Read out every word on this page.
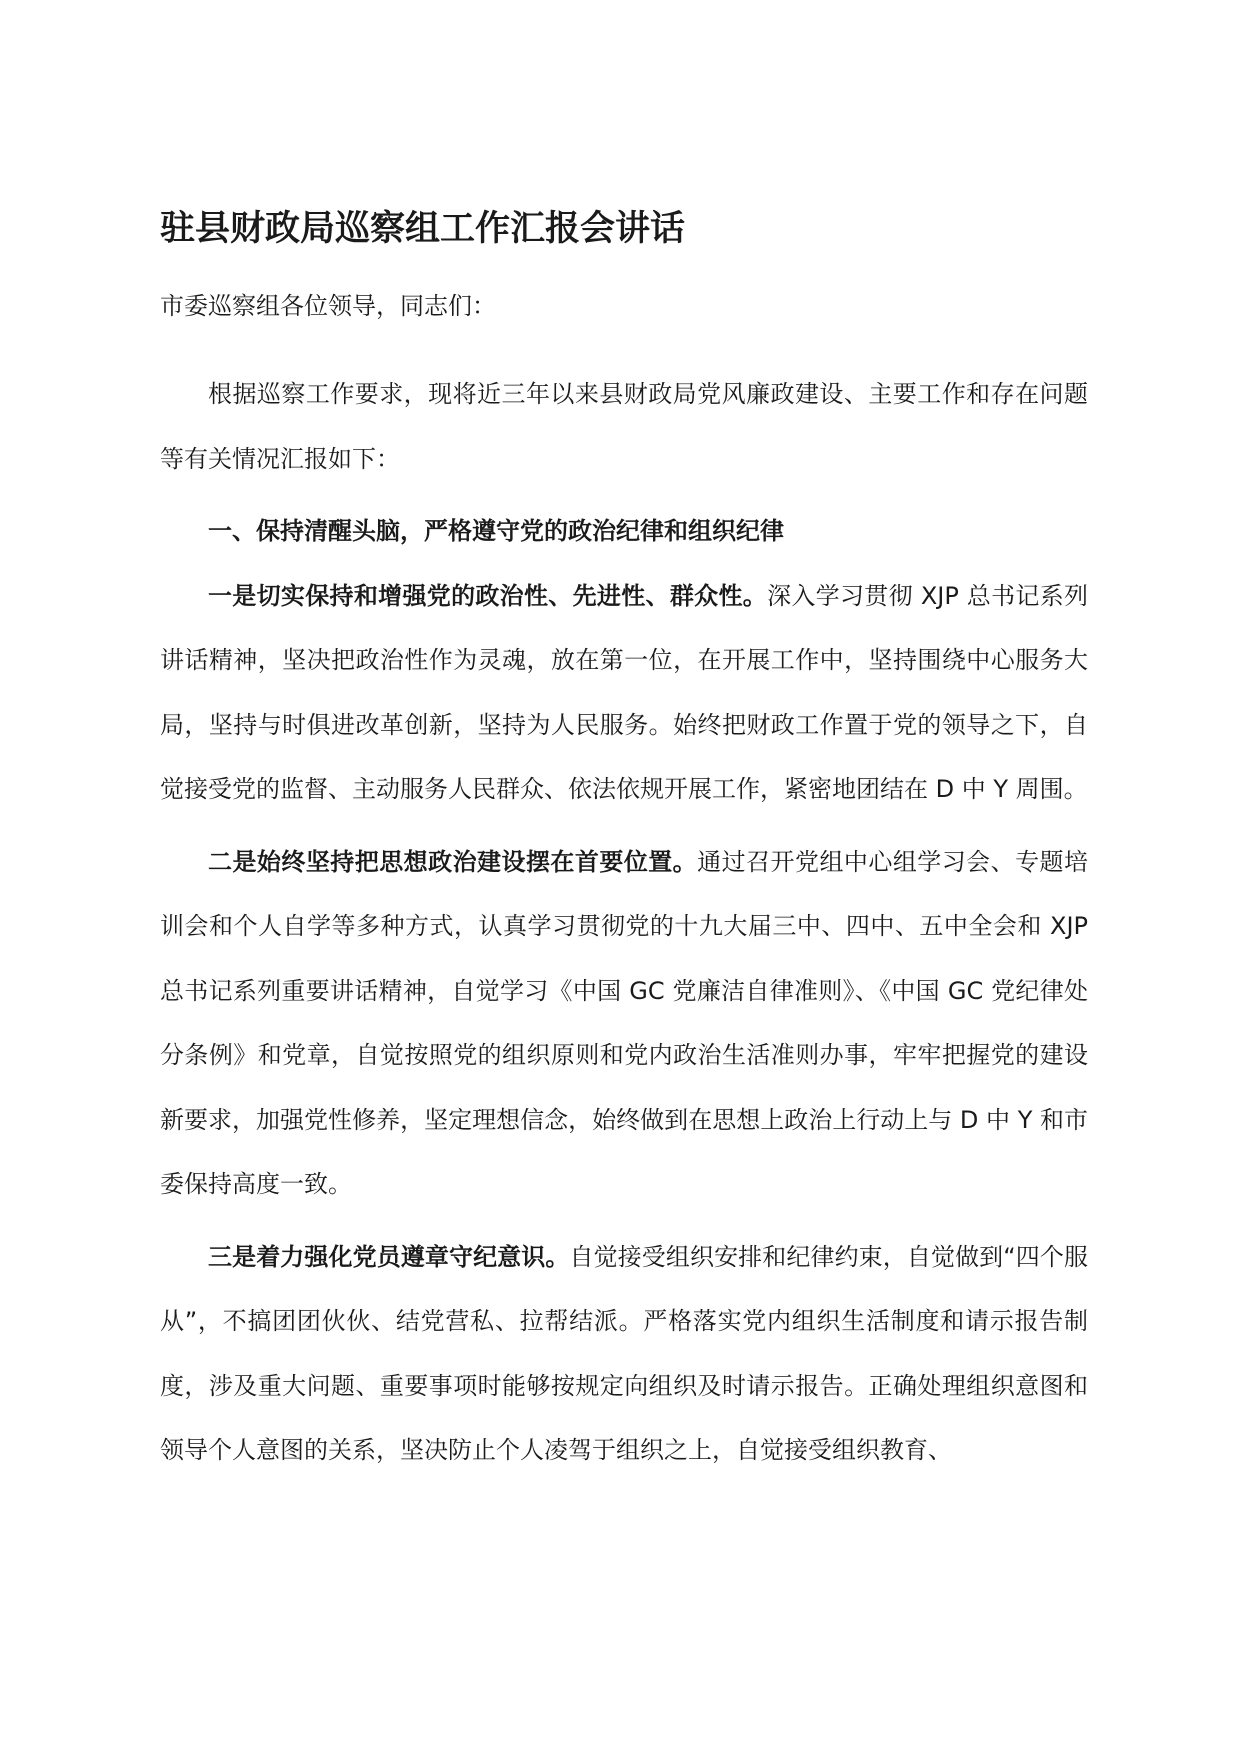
驻县财政局巡察组工作汇报会讲话

市委巡察组各位领导，同志们：

根据巡察工作要求，现将近三年以来县财政局党风廉政建设、主要工作和存在问题等有关情况汇报如下：

一、保持清醒头脑，严格遵守党的政治纪律和组织纪律

一是切实保持和增强党的政治性、先进性、群众性。深入学习贯彻 XJP 总书记系列讲话精神，坚决把政治性作为灵魂，放在第一位，在开展工作中，坚持围绕中心服务大局，坚持与时俱进改革创新，坚持为人民服务。始终把财政工作置于党的领导之下，自觉接受党的监督、主动服务人民群众、依法依规开展工作，紧密地团结在 D 中 Y 周围。

二是始终坚持把思想政治建设摆在首要位置。通过召开党组中心组学习会、专题培训会和个人自学等多种方式，认真学习贯彻党的十九大届三中、四中、五中全会和 XJP 总书记系列重要讲话精神，自觉学习《中国 GC 党廉洁自律准则》、《中国 GC 党纪律处分条例》和党章，自觉按照党的组织原则和党内政治生活准则办事，牢牢把握党的建设新要求，加强党性修养，坚定理想信念，始终做到在思想上政治上行动上与 D 中 Y 和市委保持高度一致。

三是着力强化党员遵章守纪意识。自觉接受组织安排和纪律约束，自觉做到“四个服从”，不搞团团伙伙、结党营私、拉帮结派。严格落实党内组织生活制度和请示报告制度，涉及重大问题、重要事项时能够按规定向组织及时请示报告。正确处理组织意图和领导个人意图的关系，坚决防止个人凌驾于组织之上，自觉接受组织教育、
